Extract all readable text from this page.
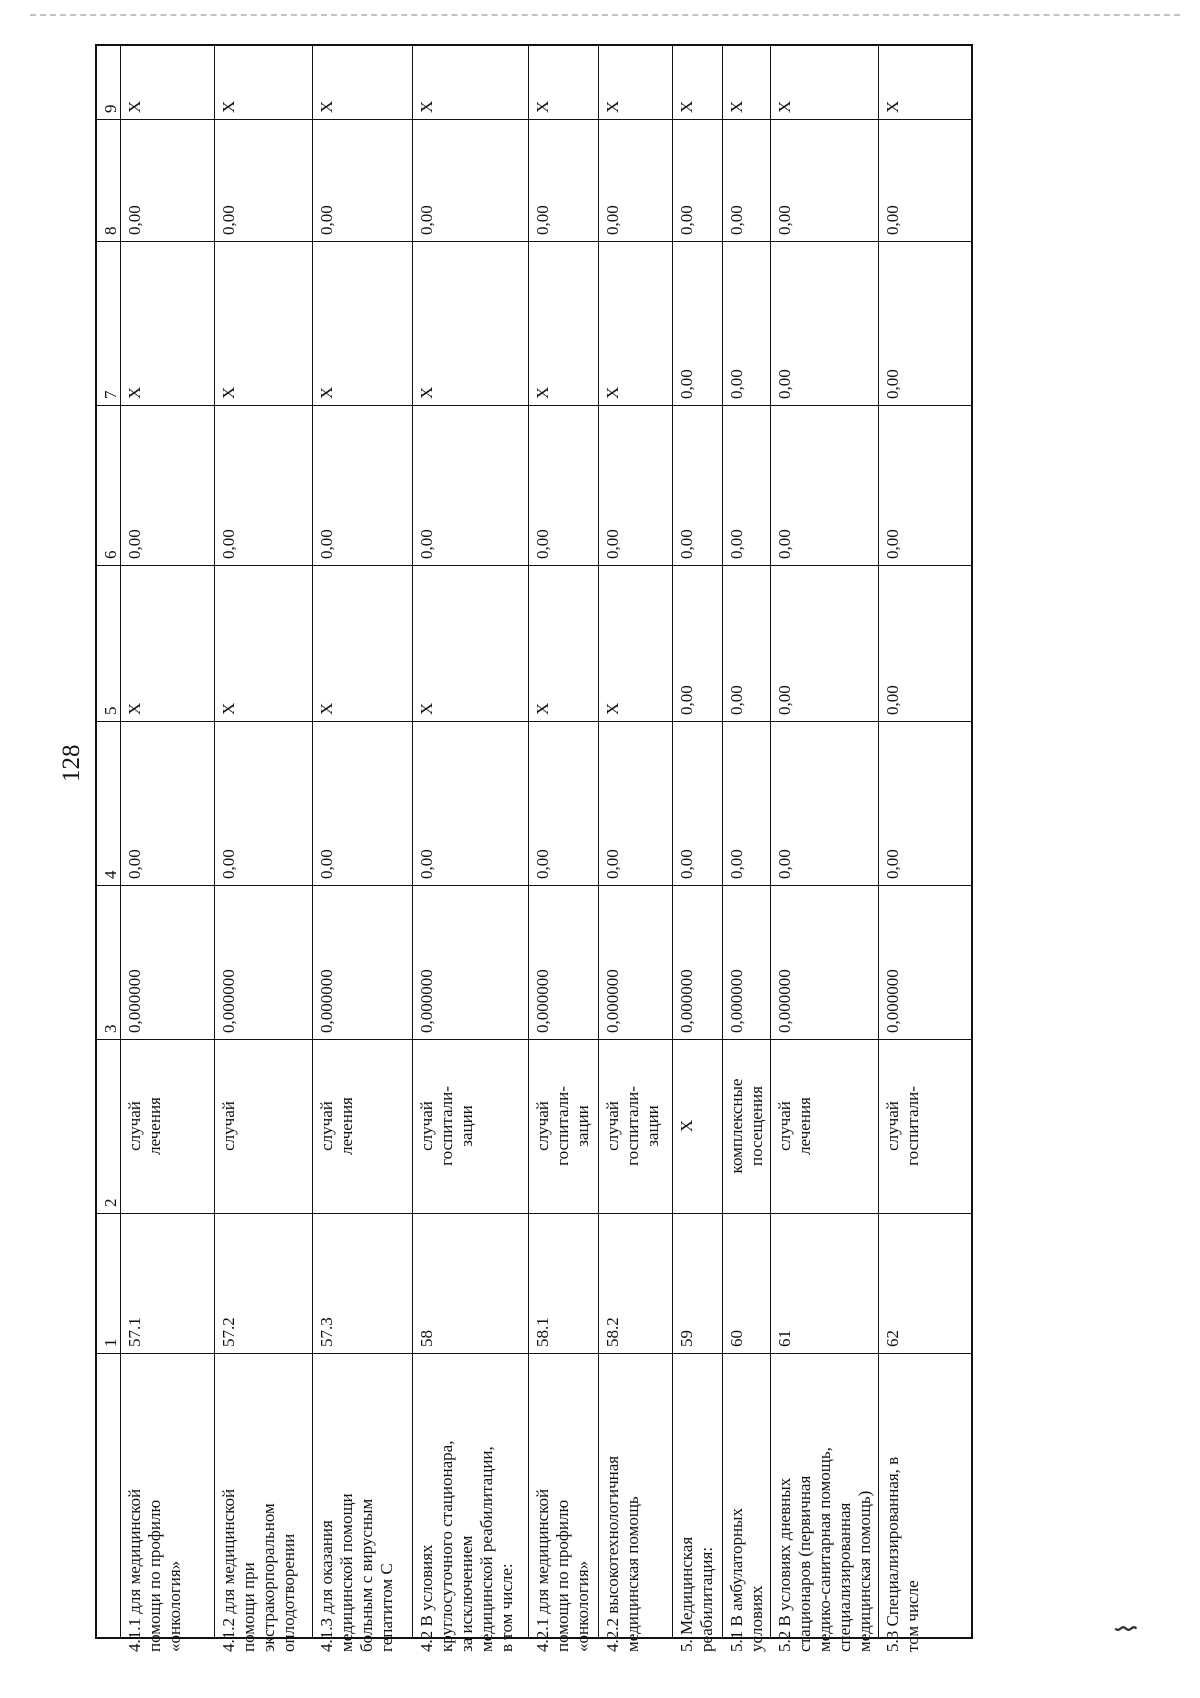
128
9
8
7
6
5
4
3
2
1
X
0,00
X
0,00
X
0,00
0,000000
случай
лечения
57.1
4.1.1 для медицинской
помощи по профилю
«онкология»
X
0,00
X
0,00
X
0,00
0,000000
случай
57.2
4.1.2 для медицинской
помощи при
экстракорпоральном
оплодотворении
X
0,00
X
0,00
X
0,00
0,000000
случай
лечения
57.3
4.1.3 для оказания
медицинской помощи
больным с вирусным
гепатитом С
X
0,00
X
0,00
X
0,00
0,000000
случай
госпитали-
зации
58
4.2 В условиях
круглосуточного стационара,
за исключением
медицинской реабилитации,
в том числе:
X
0,00
X
0,00
X
0,00
0,000000
случай
госпитали-
зации
58.1
4.2.1 для медицинской
помощи по профилю
«онкология»
X
0,00
X
0,00
X
0,00
0,000000
случай
госпитали-
зации
58.2
4.2.2 высокотехнологичная
медицинская помощь
X
0,00
0,00
0,00
0,00
0,00
0,000000
X
59
5. Медицинская
реабилитация:
X
0,00
0,00
0,00
0,00
0,00
0,000000
комплексные
посещения
60
5.1 В амбулаторных
условиях
X
0,00
0,00
0,00
0,00
0,00
0,000000
случай
лечения
61
5.2 В условиях дневных
стационаров (первичная
медико-санитарная помощь,
специализированная
медицинская помощь)
X
0,00
0,00
0,00
0,00
0,00
0,000000
случай
госпитали-
62
5.3 Специализированная, в
том числе
⌇
